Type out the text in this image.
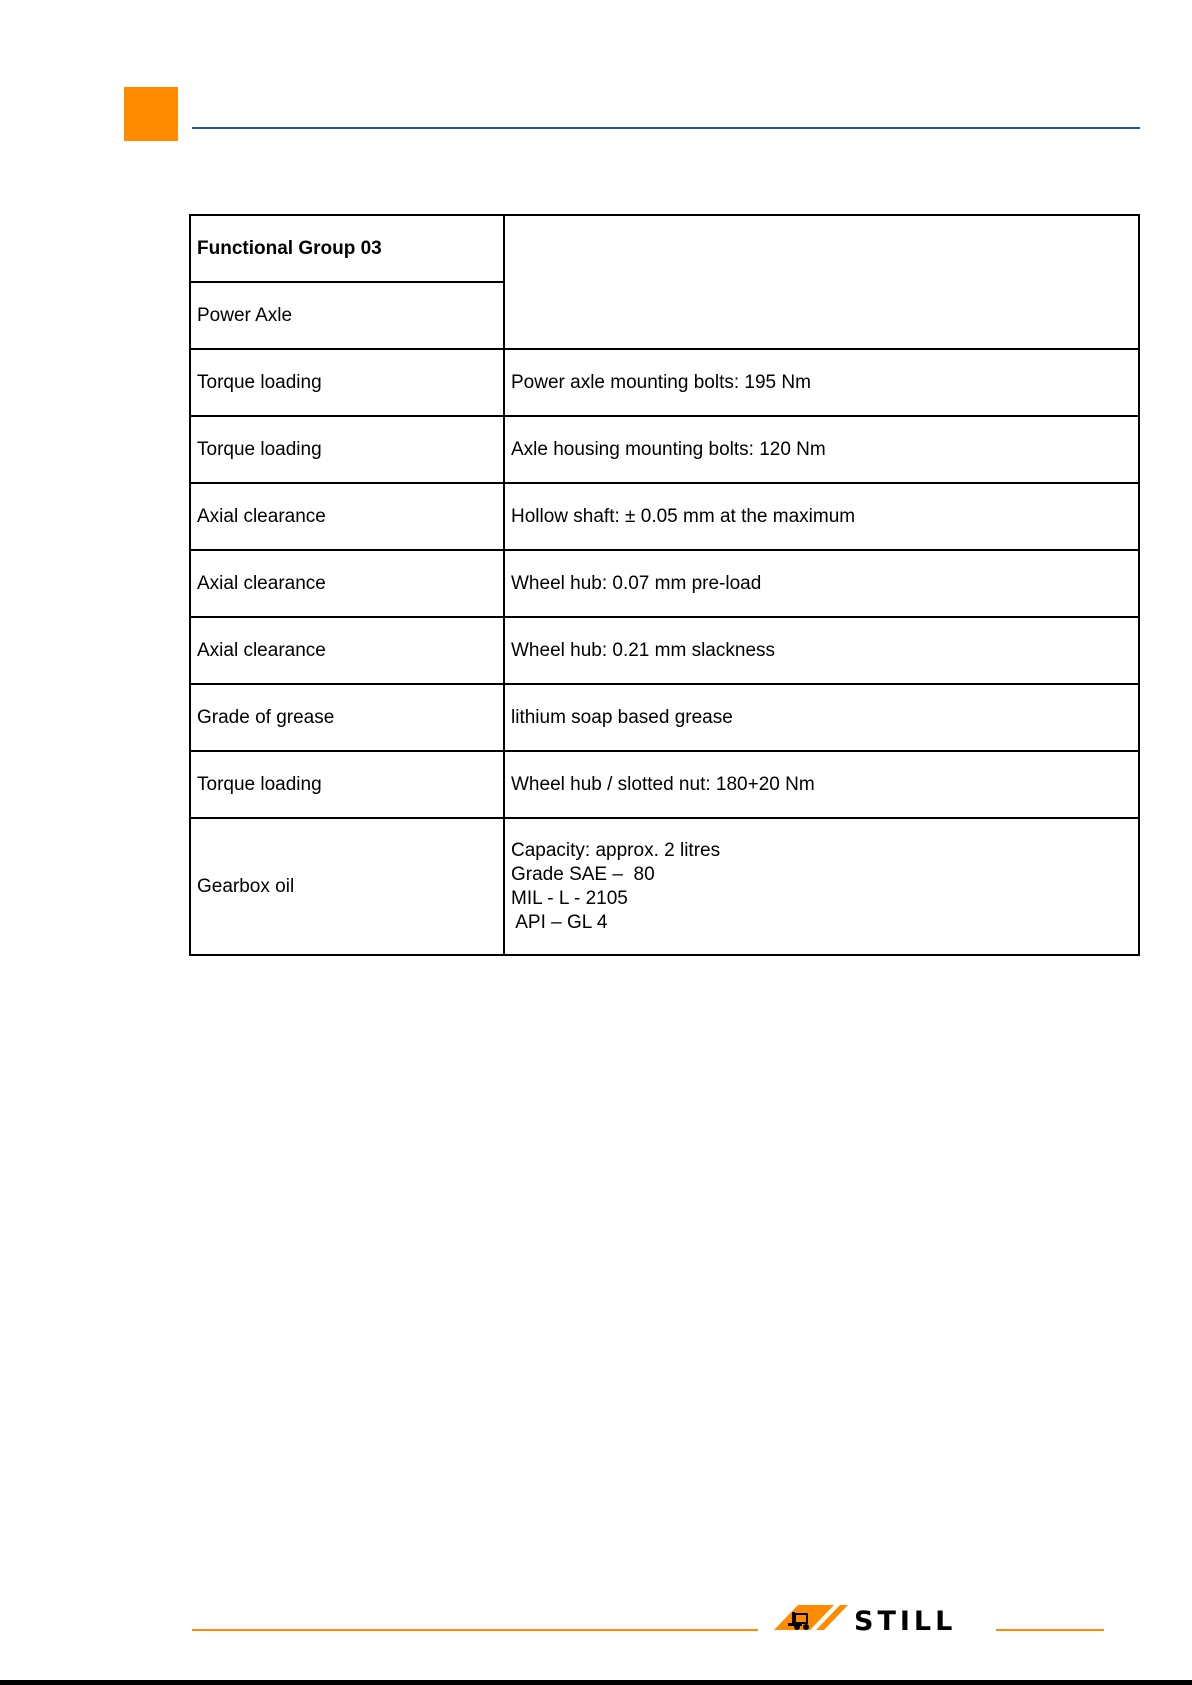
Functional Group 03	
Power Axle	
Torque loading	Power axle mounting bolts: 195 Nm
Torque loading	Axle housing mounting bolts: 120 Nm
Axial clearance	Hollow shaft: ± 0.05 mm at the maximum
Axial clearance	Wheel hub: 0.07 mm pre-load
Axial clearance	Wheel hub: 0.21 mm slackness
Grade of grease	lithium soap based grease
Torque loading	Wheel hub / slotted nut: 180+20 Nm
Gearbox oil	Capacity: approx. 2 litres
Grade SAE –  80
MIL - L - 2105
API – GL 4
STILL
